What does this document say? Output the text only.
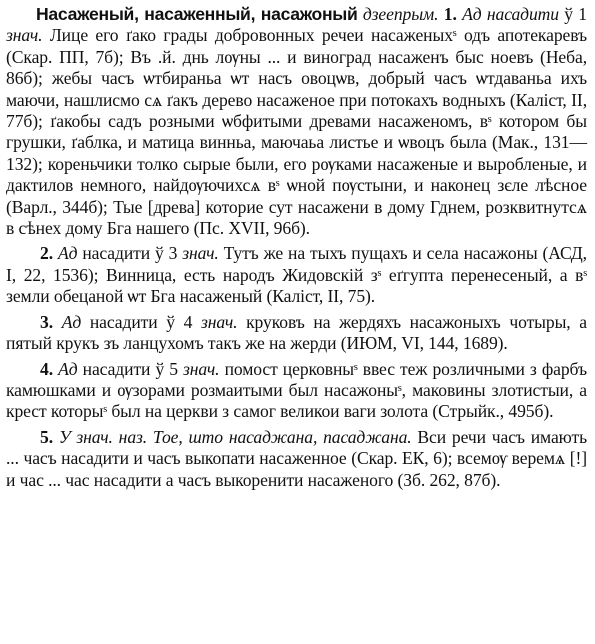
Насаженый, насаженный, насажоный дзеепрым. 1. Ад насадити ў 1 знач. Лице его ґако грады добровонных речеи насаженыхˢ одъ апотекаревъ (Скар. ПП, 7б); Въ .й. днь лѹны ... и виноград насаженъ быс ноевъ (Неба, 86б); жебы часъ ѡтбираньа ѡт насъ овоцѡв, добрый часъ ѡтдаваньа ихъ маючи, нашлисмо сѧ ґакъ дерево насаженое при потокахъ водныхъ (Каліст, II, 77б); ґакобы садъ розными ѡбфитыми древами насаженомъ, вˢ котором бы грушки, ґаблка, и матица винньа, маючаьа листье и ѡвоцъ была (Мак., 131—132); кореньчики толко сырые были, его рѹками насаженые и выробленые, и дактилов немного, найдѹючихсѧ вˢ ѡной пѹстыни, и наконец зєле лѣсное (Варл., 344б); Тые [древа] которие сут насажени в дому Гднем, розквитнутсѧ в сѣнех дому Бга нашего (Пс. XVII, 96б).

2. Ад насадити ў 3 знач. Тутъ же на тыхъ пущахъ и села насажоны (АСД, I, 22, 1536); Винница, есть народъ Жидовскій зˢ еґгупта перенесеный, а вˢ земли обецаной ѡт Бга насаженый (Каліст, II, 75).

3. Ад насадити ў 4 знач. круковъ на жердяхъ насажоныхъ чотыры, а пятый крукъ зъ ланцухомъ такъ же на жерди (ИЮМ, VI, 144, 1689).

4. Ад насадити ў 5 знач. помост церковныˢ ввес теж розличными з фарбъ камюшками и ѹзорами розмаитыми был насажоныˢ, маковины злотистыи, а крест которыˢ был на церкви з самог великои ваги золота (Стрыйк., 495б).

5. У знач. наз. Тое, што насаджана, пасаджана. Вси речи часъ имають ... часъ насадити и часъ выкопати насаженное (Скар. ЕК, 6); всемѹ веремѧ [!] и час ... час насадити а часъ выкоренити насаженого (Зб. 262, 87б).
